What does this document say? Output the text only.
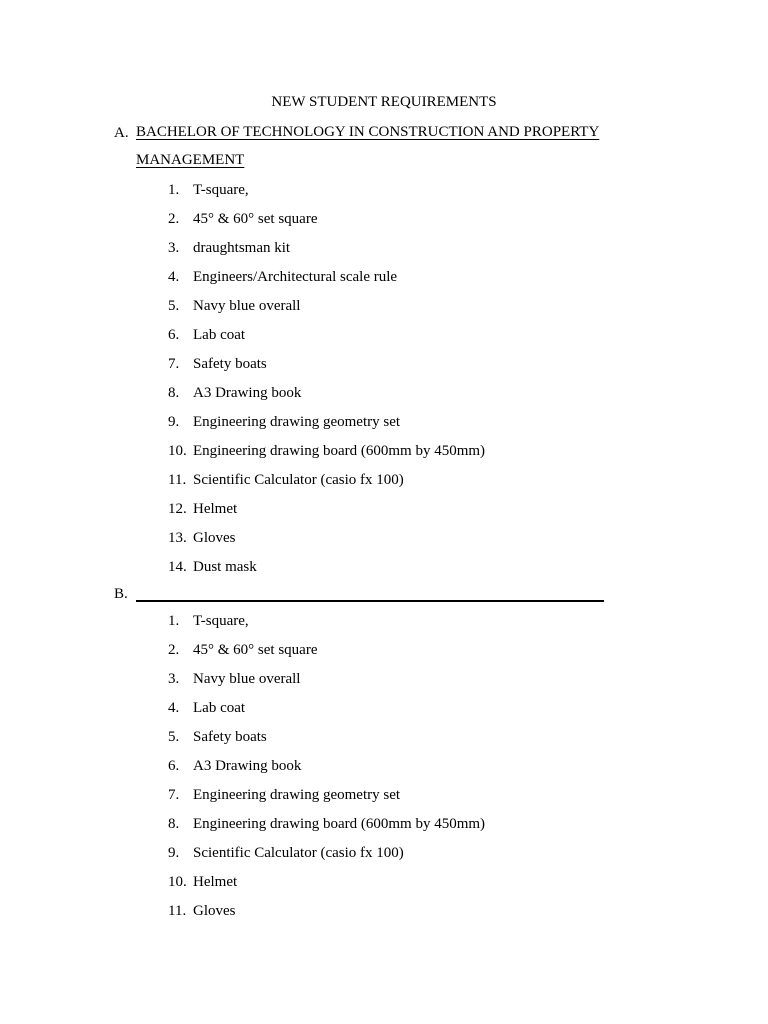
NEW STUDENT REQUIREMENTS
A. BACHELOR OF TECHNOLOGY IN CONSTRUCTION AND PROPERTY MANAGEMENT
1. T-square,
2. 45° & 60° set square
3. draughtsman kit
4. Engineers/Architectural scale rule
5. Navy blue overall
6. Lab coat
7. Safety boats
8. A3 Drawing book
9. Engineering drawing geometry set
10. Engineering drawing board (600mm by 450mm)
11. Scientific Calculator (casio fx 100)
12. Helmet
13. Gloves
14. Dust mask
B.
1. T-square,
2. 45° & 60° set square
3. Navy blue overall
4. Lab coat
5. Safety boats
6. A3 Drawing book
7. Engineering drawing geometry set
8. Engineering drawing board (600mm by 450mm)
9. Scientific Calculator (casio fx 100)
10. Helmet
11. Gloves
